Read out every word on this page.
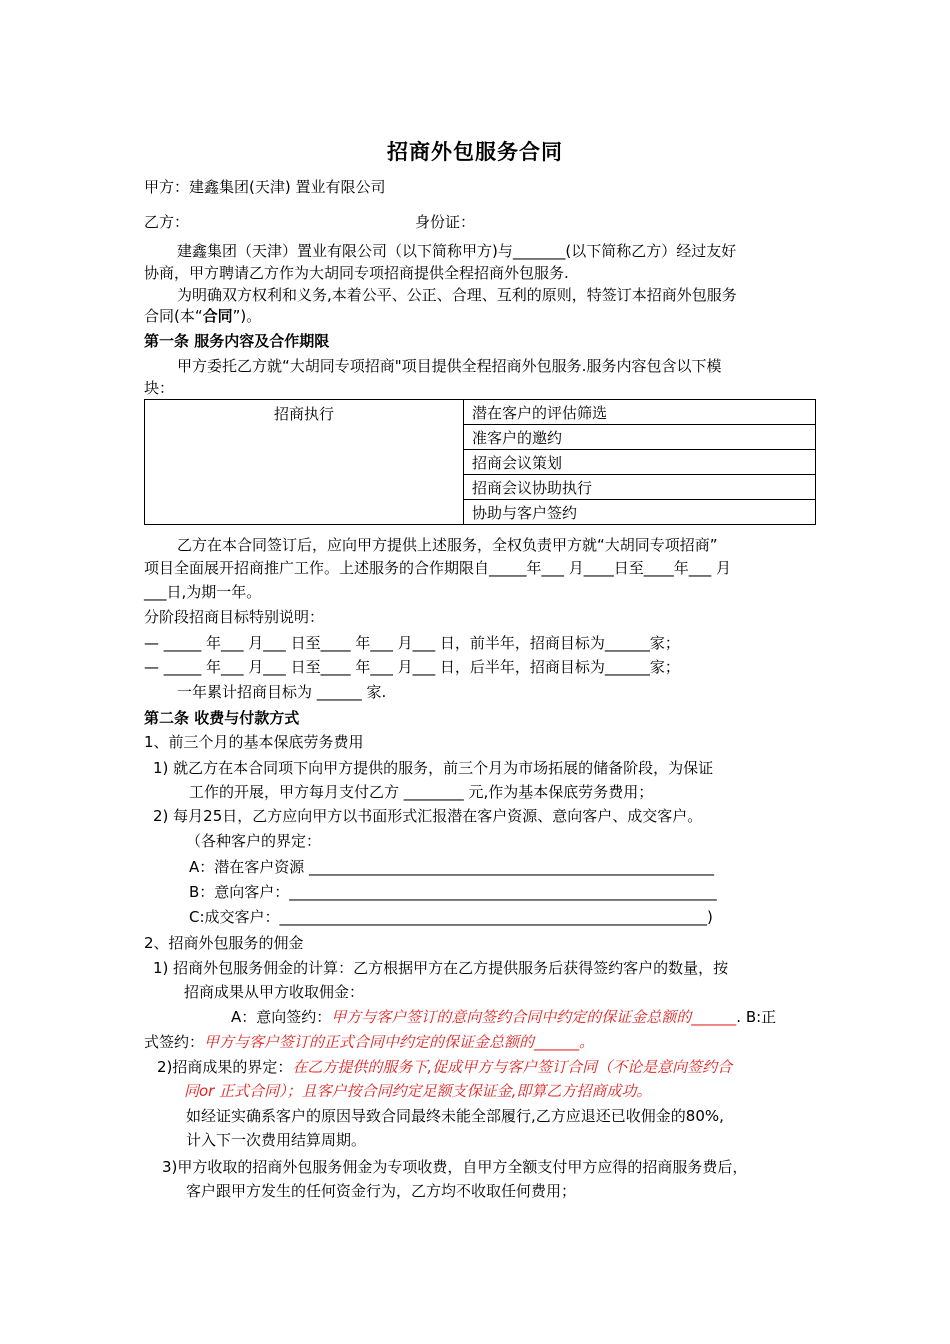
招商外包服务合同
甲方：建鑫集团(天津) 置业有限公司
乙方：	身份证：
建鑫集团（天津）置业有限公司（以下简称甲方)与_______(以下简称乙方）经过友好
协商，甲方聘请乙方作为大胡同专项招商提供全程招商外包服务.
为明确双方权利和义务,本着公平、公正、合理、互利的原则，特签订本招商外包服务
合同(本“合同”)。
第一条 服务内容及合作期限
甲方委托乙方就“大胡同专项招商"项目提供全程招商外包服务.服务内容包含以下模
块：
招商执行	潜在客户的评估筛选
准客户的邀约
招商会议策划
招商会议协助执行
协助与客户签约
乙方在本合同签订后，应向甲方提供上述服务，全权负责甲方就“大胡同专项招商”
项目全面展开招商推广工作。上述服务的合作期限自_____年___ 月____日至____年___ 月
___日,为期一年。
分阶段招商目标特别说明：
— _____ 年___ 月___ 日至____ 年___ 月___ 日，前半年，招商目标为______家；
— _____ 年___ 月___ 日至____ 年___ 月___ 日，后半年，招商目标为______家；
一年累计招商目标为 ______ 家.
第二条 收费与付款方式
1、前三个月的基本保底劳务费用
1) 就乙方在本合同项下向甲方提供的服务，前三个月为市场拓展的储备阶段，为保证
工作的开展，甲方每月支付乙方 ________ 元,作为基本保底劳务费用；
2) 每月25日，乙方应向甲方以书面形式汇报潜在客户资源、意向客户、成交客户。
（各种客户的界定：
A：潜在客户资源 ______________________________________________________
B：意向客户：_________________________________________________________
C:成交客户：_________________________________________________________)
2、招商外包服务的佣金
1) 招商外包服务佣金的计算：乙方根据甲方在乙方提供服务后获得签约客户的数量，按
招商成果从甲方收取佣金：
A：意向签约：甲方与客户签订的意向签约合同中约定的保证金总额的______. B:正
式签约：甲方与客户签订的正式合同中约定的保证金总额的______。
2)招商成果的界定：在乙方提供的服务下,促成甲方与客户签订合同（不论是意向签约合
同or 正式合同）；且客户按合同约定足额支保证金,即算乙方招商成功。
如经证实确系客户的原因导致合同最终未能全部履行,乙方应退还已收佣金的80%,
计入下一次费用结算周期。
3)甲方收取的招商外包服务佣金为专项收费，自甲方全额支付甲方应得的招商服务费后，
客户跟甲方发生的任何资金行为，乙方均不收取任何费用；
